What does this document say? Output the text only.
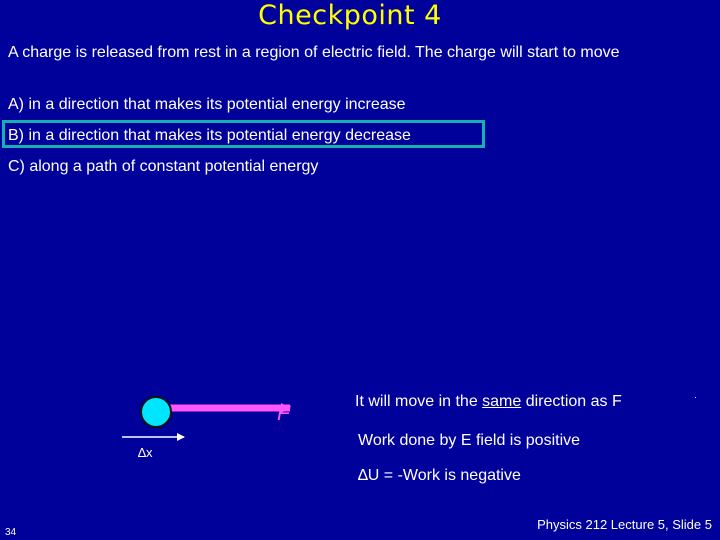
Checkpoint 4
A charge is released from rest in a region of electric field. The charge will start to move
A) in a direction that makes its potential energy increase
B) in a direction that makes its potential energy decrease
C) along a path of constant potential energy
F
∆x
It will move in the same direction as F
Work done by E field is positive
∆U = -Work is negative
34
Physics 212 Lecture 5, Slide 5
